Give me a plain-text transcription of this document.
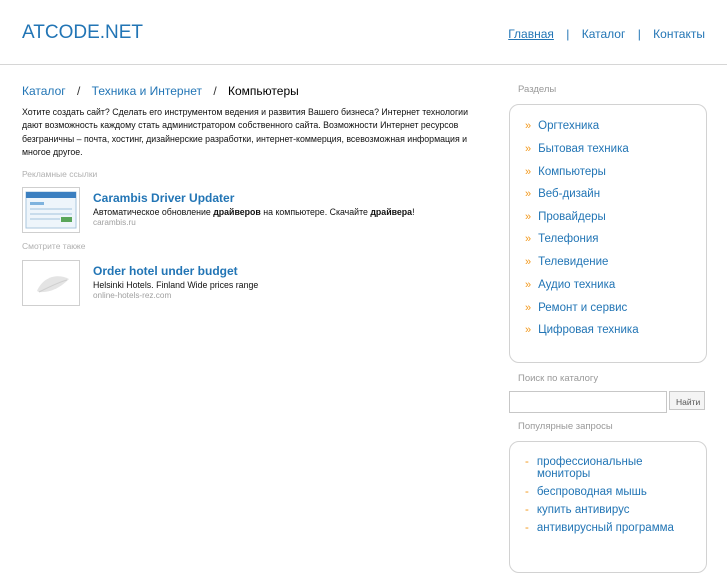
ATCODE.NET	Главная | Каталог | Контакты
Каталог / Техника и Интернет / Компьютеры
Хотите создать сайт? Сделать его инструментом ведения и развития Вашего бизнеса? Интернет технологии дают возможность каждому стать администратором собственного сайта. Возможности Интернет ресурсов безграничны – почта, хостинг, дизайнерские разработки, интернет-коммерция, всевозможная информация и многое другое.
Рекламные ссылки
Carambis Driver Updater
Автоматическое обновление драйверов на компьютере. Скачайте драйвера!
carambis.ru
Смотрите также
Order hotel under budget
Helsinki Hotels. Finland Wide prices range
online-hotels-rez.com
Разделы
» Оргтехника
» Бытовая техника
» Компьютеры
» Веб-дизайн
» Провайдеры
» Телефония
» Телевидение
» Аудио техника
» Ремонт и сервис
» Цифровая техника
Поиск по каталогу
Найти
Популярные запросы
- профессиональные
мониторы
- беспроводная мышь
- купить антивирус
- антивирусный программа
